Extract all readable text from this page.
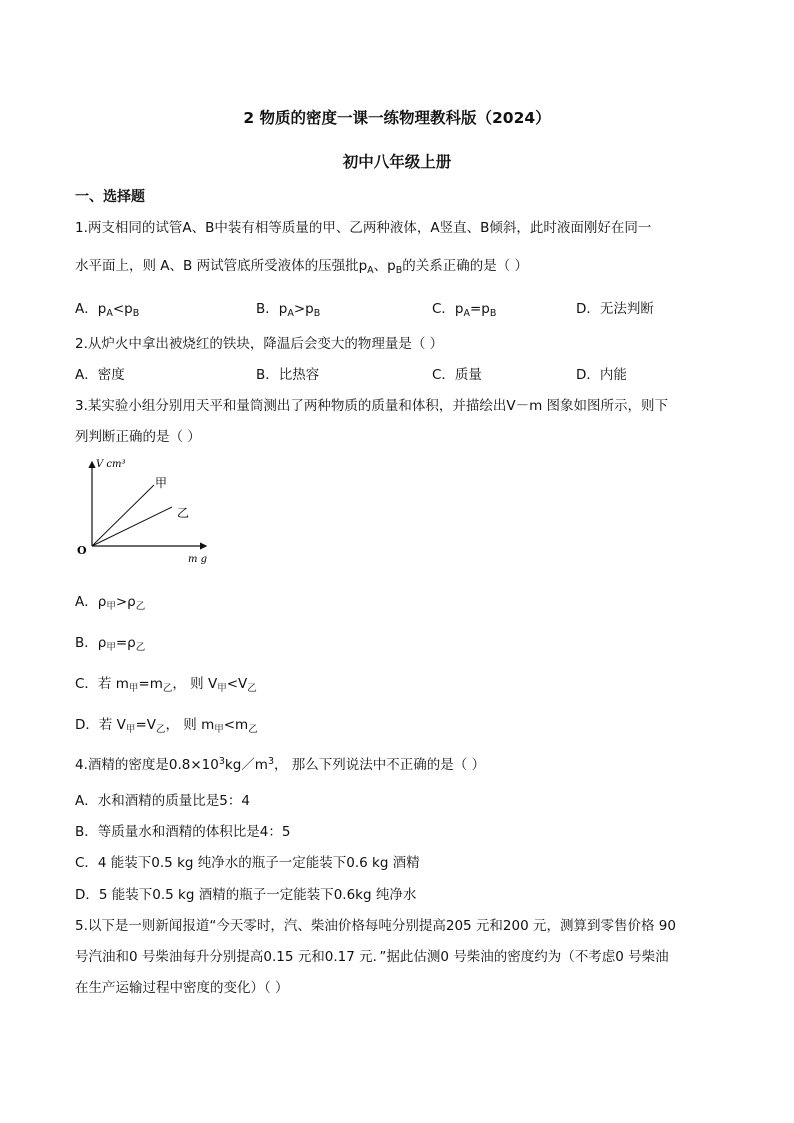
2 物质的密度一课一练物理教科版（2024）
初中八年级上册
一、选择题
1.两支相同的试管A、B中装有相等质量的甲、乙两种液体，A竖直、B倾斜，此时液面刚好在同一
水平面上，则 A、B 两试管底所受液体的压强批$p_A$、$p_B$的关系正确的是（ ）
A．$p_A<p_B$	B．$p_A>p_B$	C．$p_A=p_B$	D．无法判断
2.从炉火中拿出被烧红的铁块，降温后会变大的物理量是（ ）
A．密度	B．比热容	C．质量	D．内能
3.某实验小组分别用天平和量筒测出了两种物质的质量和体积，并描绘出V－m 图象如图所示，则下
列判断正确的是（ ）
V cm³
m g
O
甲
乙
A．$\rho_甲>\rho_乙$
B．$\rho_甲=\rho_乙$
C．若 $m_甲=m_乙$， 则 $V_甲<V_乙$
D．若 $V_甲=V_乙$， 则 $m_甲<m_乙$
4.酒精的密度是$0.8\times 10^3kg/m^3$， 那么下列说法中不正确的是（ ）
A．水和酒精的质量比是5：4
B．等质量水和酒精的体积比是4：5
C．4 能装下0.5 kg 纯净水的瓶子一定能装下0.6 kg 酒精
D．5 能装下0.5 kg 酒精的瓶子一定能装下0.6kg 纯净水
5.以下是一则新闻报道“今天零时，汽、柴油价格每吨分别提高205 元和200 元，测算到零售价格 90
号汽油和0 号柴油每升分别提高0.15 元和0.17 元．”据此估测0 号柴油的密度约为（不考虑0 号柴油
在生产运输过程中密度的变化）（ ）
